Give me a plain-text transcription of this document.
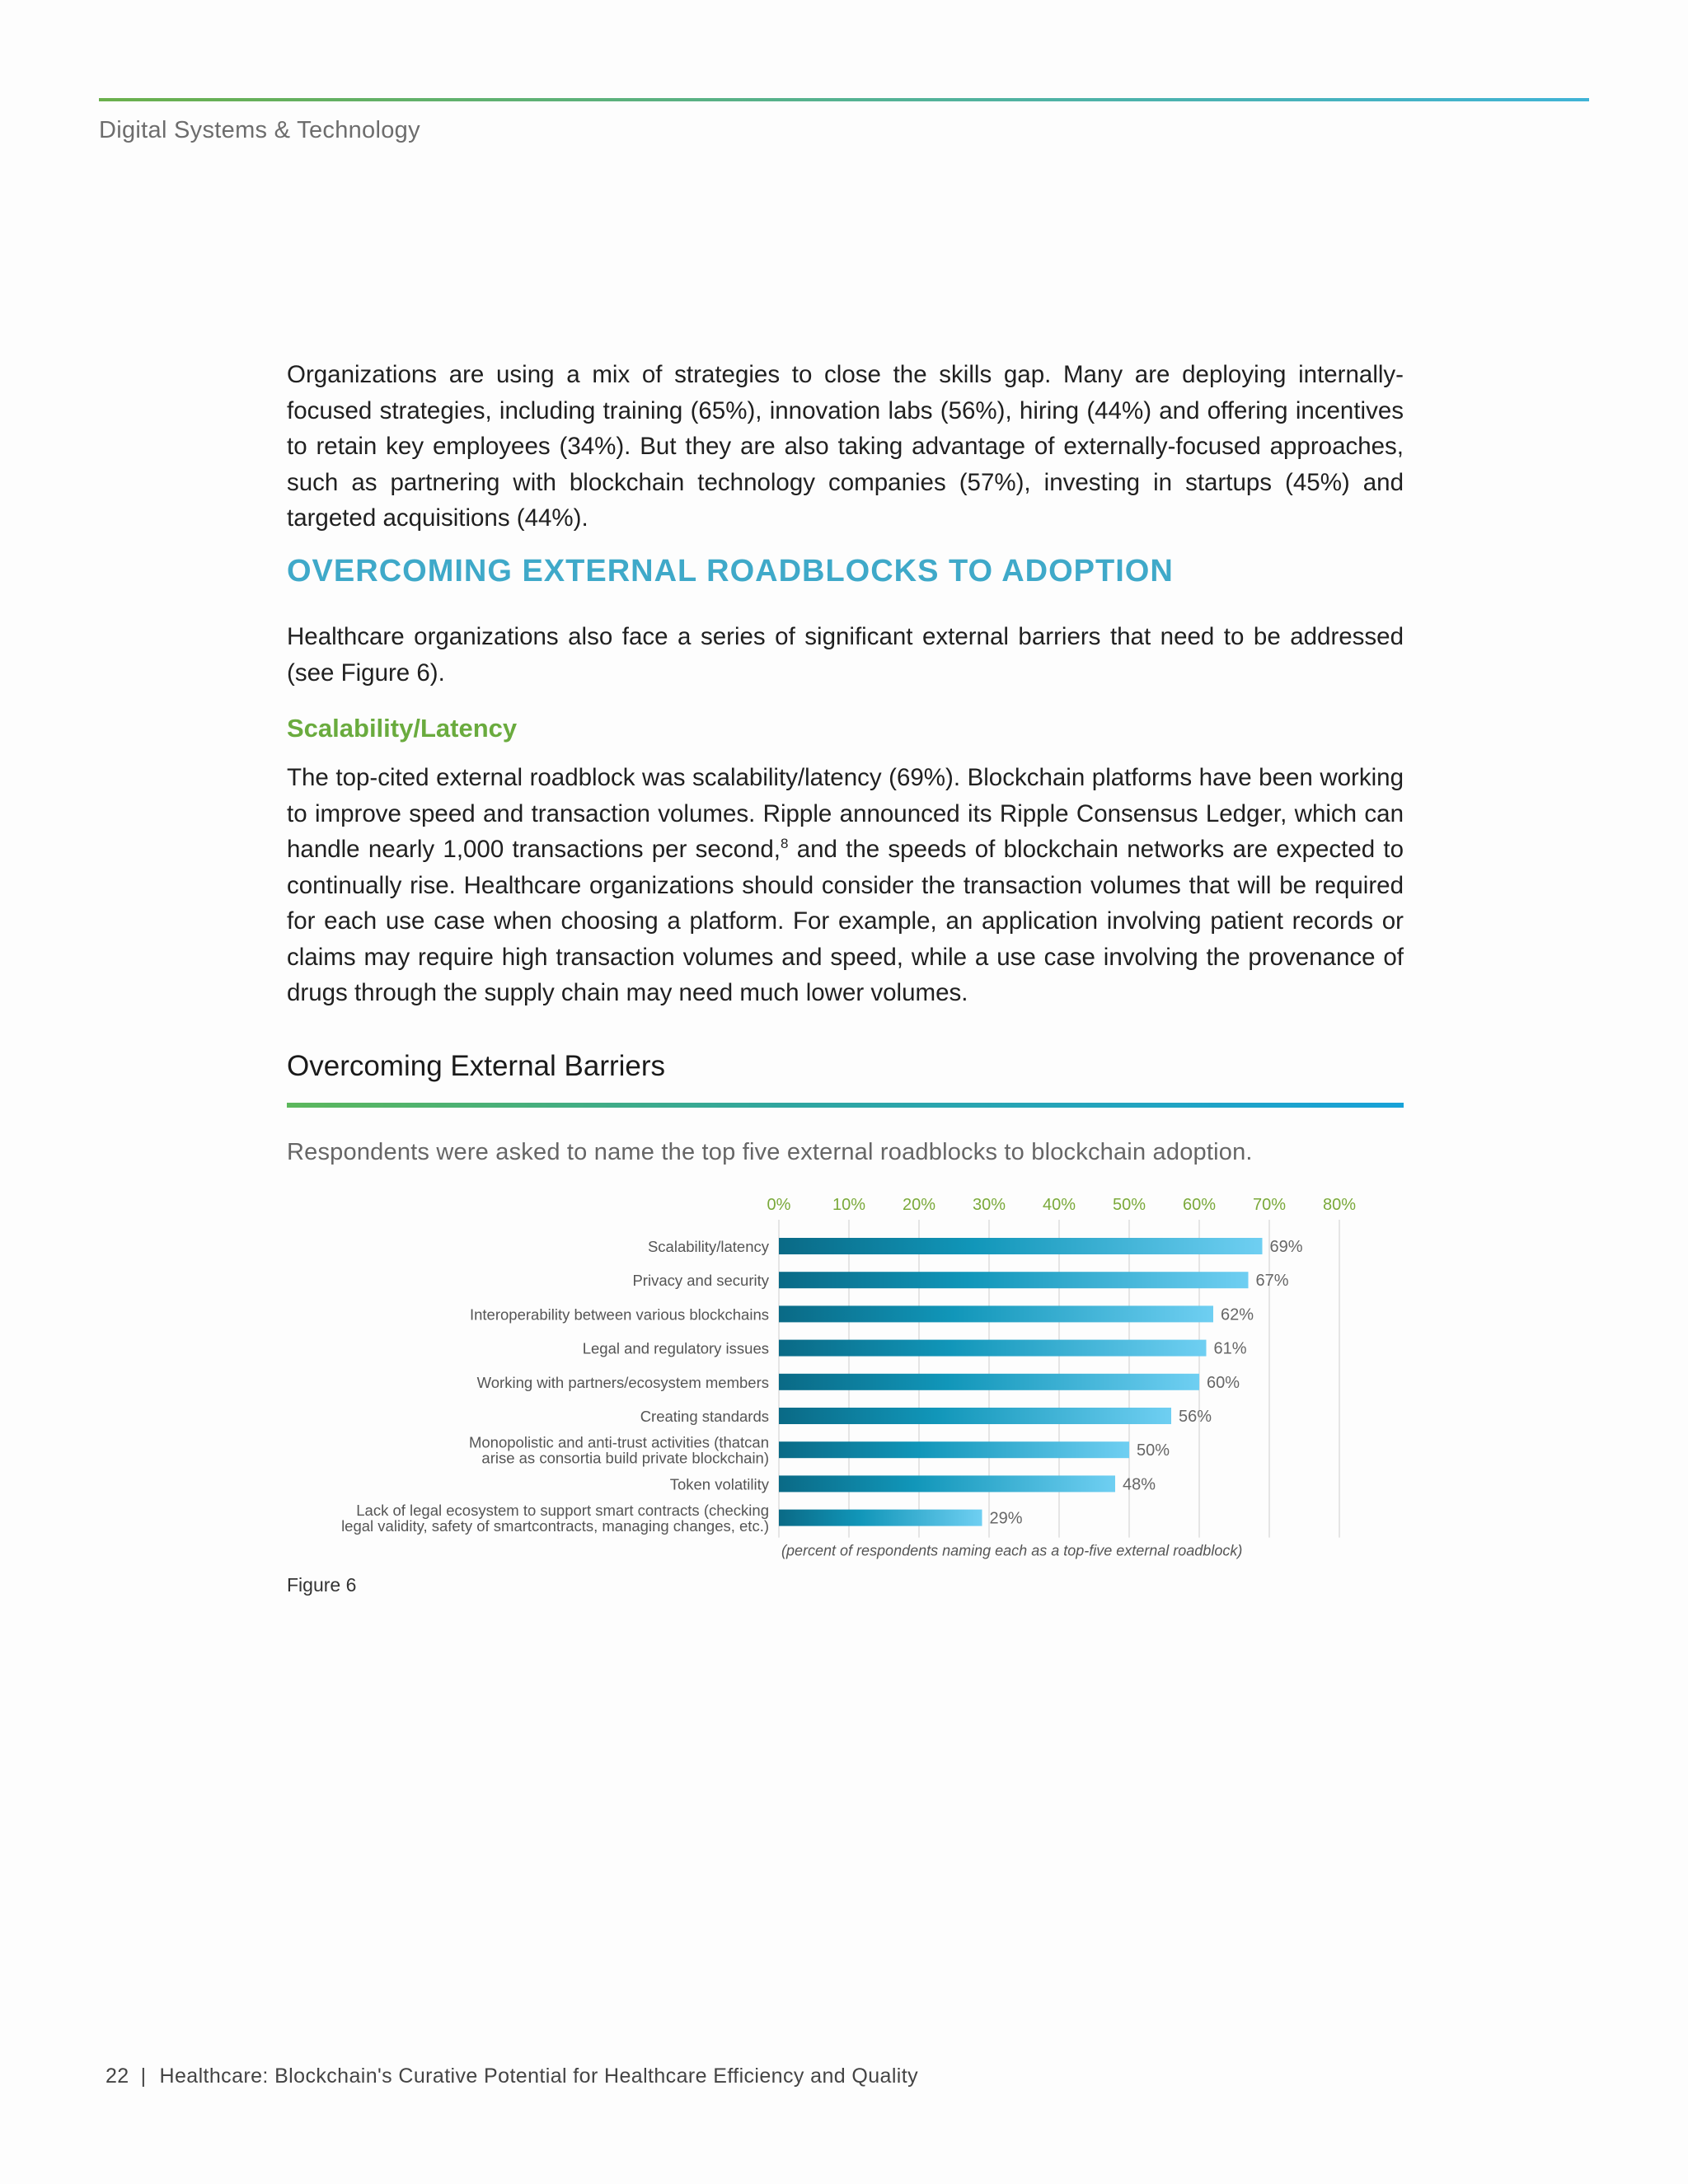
Digital Systems & Technology

Organizations are using a mix of strategies to close the skills gap. Many are deploying internally-focused strategies, including training (65%), innovation labs (56%), hiring (44%) and offering incentives to retain key employees (34%). But they are also taking advantage of externally-focused approaches, such as partnering with blockchain technology companies (57%), investing in startups (45%) and targeted acquisitions (44%).

OVERCOMING EXTERNAL ROADBLOCKS TO ADOPTION

Healthcare organizations also face a series of significant external barriers that need to be addressed (see Figure 6).

Scalability/Latency

The top-cited external roadblock was scalability/latency (69%). Blockchain platforms have been working to improve speed and transaction volumes. Ripple announced its Ripple Consensus Ledger, which can handle nearly 1,000 transactions per second,$^8$ and the speeds of blockchain networks are expected to continually rise. Healthcare organizations should consider the transaction volumes that will be required for each use case when choosing a platform. For example, an application involving patient records or claims may require high transaction volumes and speed, while a use case involving the provenance of drugs through the supply chain may need much lower volumes.

Overcoming External Barriers

Respondents were asked to name the top five external roadblocks to blockchain adoption.

0%	10% 20% 30% 40% 50% 60% 70% 80%
Scalability/latency	69%
Privacy and security	67%
Interoperability between various blockchains	62%
Legal and regulatory issues	61%
Working with partners/ecosystem members	60%
Creating standards	56%
Monopolistic and anti-trust activities (thatcan
arise as consortia build private blockchain)	50%
Token volatility	48%
Lack of legal ecosystem to support smart contracts (checking
legal validity, safety of smartcontracts, managing changes, etc.)	29%
(percent of respondents naming each as a top-five external roadblock)
Figure 6
22 | Healthcare: Blockchain's Curative Potential for Healthcare Efficiency and Quality
